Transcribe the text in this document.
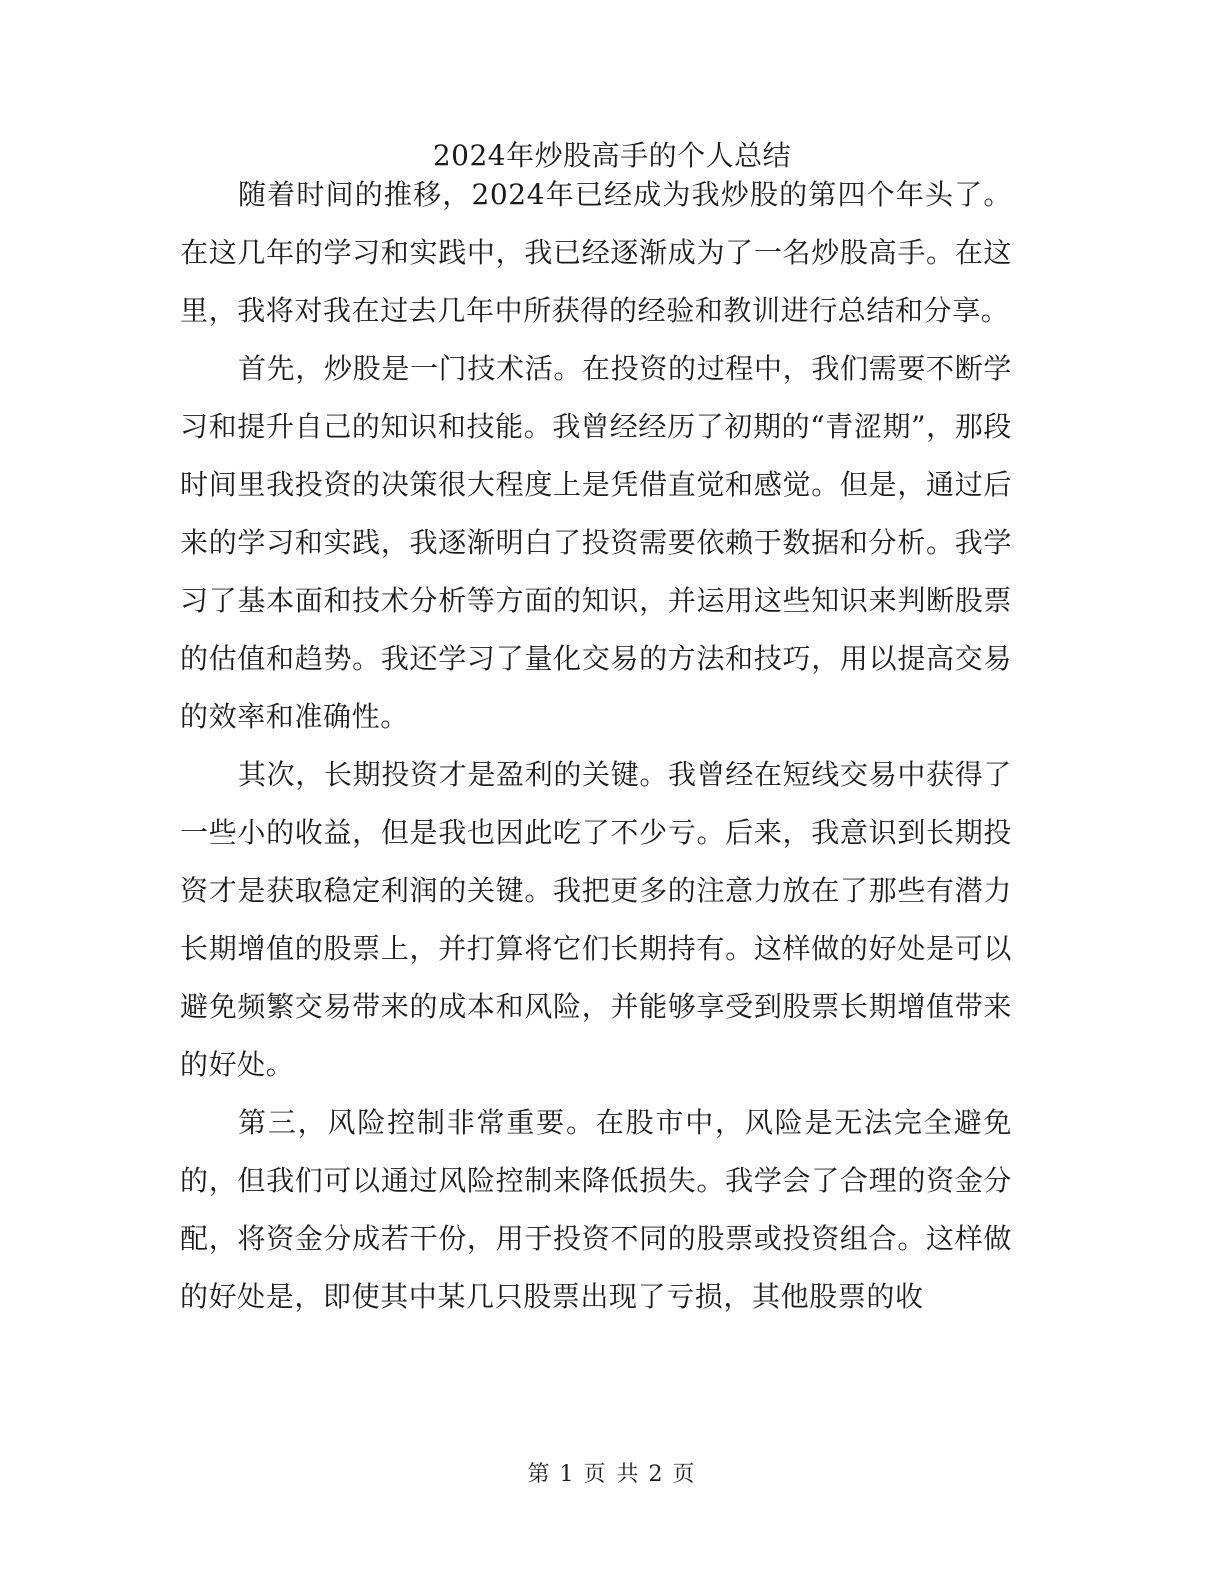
2024年炒股高手的个人总结

随着时间的推移，2024年已经成为我炒股的第四个年头了。在这几年的学习和实践中，我已经逐渐成为了一名炒股高手。在这里，我将对我在过去几年中所获得的经验和教训进行总结和分享。

首先，炒股是一门技术活。在投资的过程中，我们需要不断学习和提升自己的知识和技能。我曾经经历了初期的“青涩期”，那段时间里我投资的决策很大程度上是凭借直觉和感觉。但是，通过后来的学习和实践，我逐渐明白了投资需要依赖于数据和分析。我学习了基本面和技术分析等方面的知识，并运用这些知识来判断股票的估值和趋势。我还学习了量化交易的方法和技巧，用以提高交易的效率和准确性。

其次，长期投资才是盈利的关键。我曾经在短线交易中获得了一些小的收益，但是我也因此吃了不少亏。后来，我意识到长期投资才是获取稳定利润的关键。我把更多的注意力放在了那些有潜力长期增值的股票上，并打算将它们长期持有。这样做的好处是可以避免频繁交易带来的成本和风险，并能够享受到股票长期增值带来的好处。

第三，风险控制非常重要。在股市中，风险是无法完全避免的，但我们可以通过风险控制来降低损失。我学会了合理的资金分配，将资金分成若干份，用于投资不同的股票或投资组合。这样做的好处是，即使其中某几只股票出现了亏损，其他股票的收

第 1 页 共 2 页
